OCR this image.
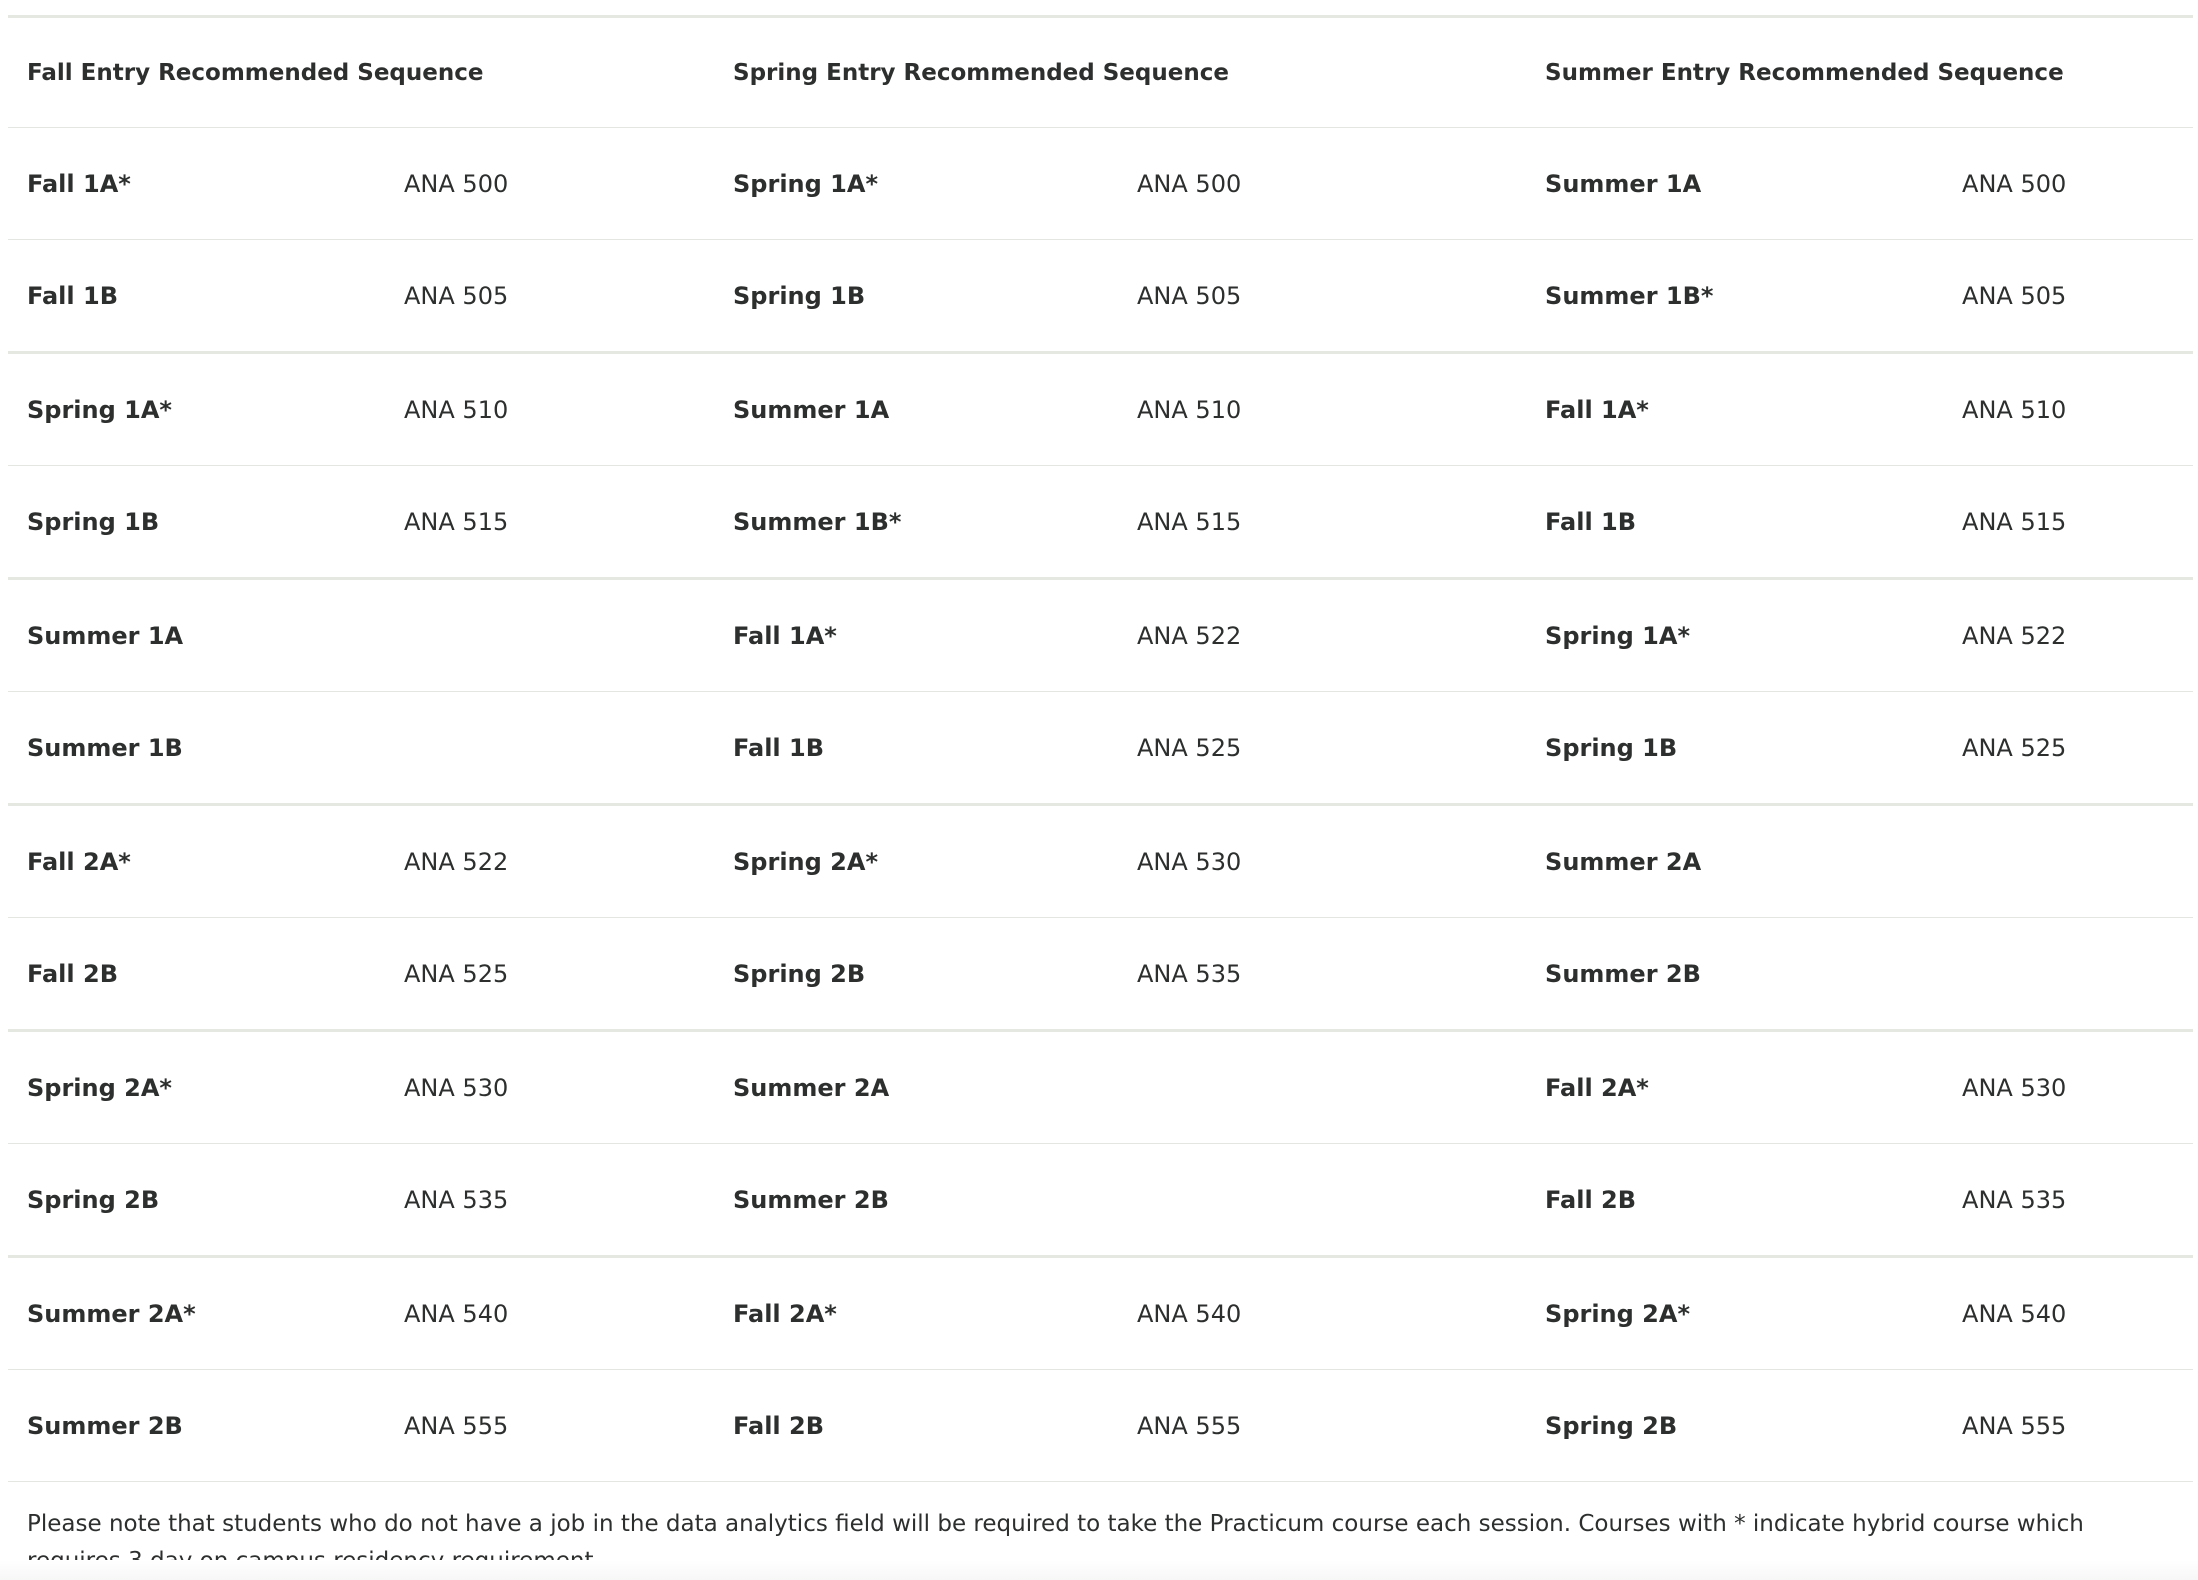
Fall Entry Recommended Sequence		Spring Entry Recommended Sequence		Summer Entry Recommended Sequence	
Fall 1A*	ANA 500	Spring 1A*	ANA 500	Summer 1A	ANA 500
Fall 1B	ANA 505	Spring 1B	ANA 505	Summer 1B*	ANA 505
Spring 1A*	ANA 510	Summer 1A	ANA 510	Fall 1A*	ANA 510
Spring 1B	ANA 515	Summer 1B*	ANA 515	Fall 1B	ANA 515
Summer 1A		Fall 1A*	ANA 522	Spring 1A*	ANA 522
Summer 1B		Fall 1B	ANA 525	Spring 1B	ANA 525
Fall 2A*	ANA 522	Spring 2A*	ANA 530	Summer 2A	
Fall 2B	ANA 525	Spring 2B	ANA 535	Summer 2B	
Spring 2A*	ANA 530	Summer 2A		Fall 2A*	ANA 530
Spring 2B	ANA 535	Summer 2B		Fall 2B	ANA 535
Summer 2A*	ANA 540	Fall 2A*	ANA 540	Spring 2A*	ANA 540
Summer 2B	ANA 555	Fall 2B	ANA 555	Spring 2B	ANA 555
Please note that students who do not have a job in the data analytics field will be required to take the Practicum course each session. Courses with * indicate hybrid course which
